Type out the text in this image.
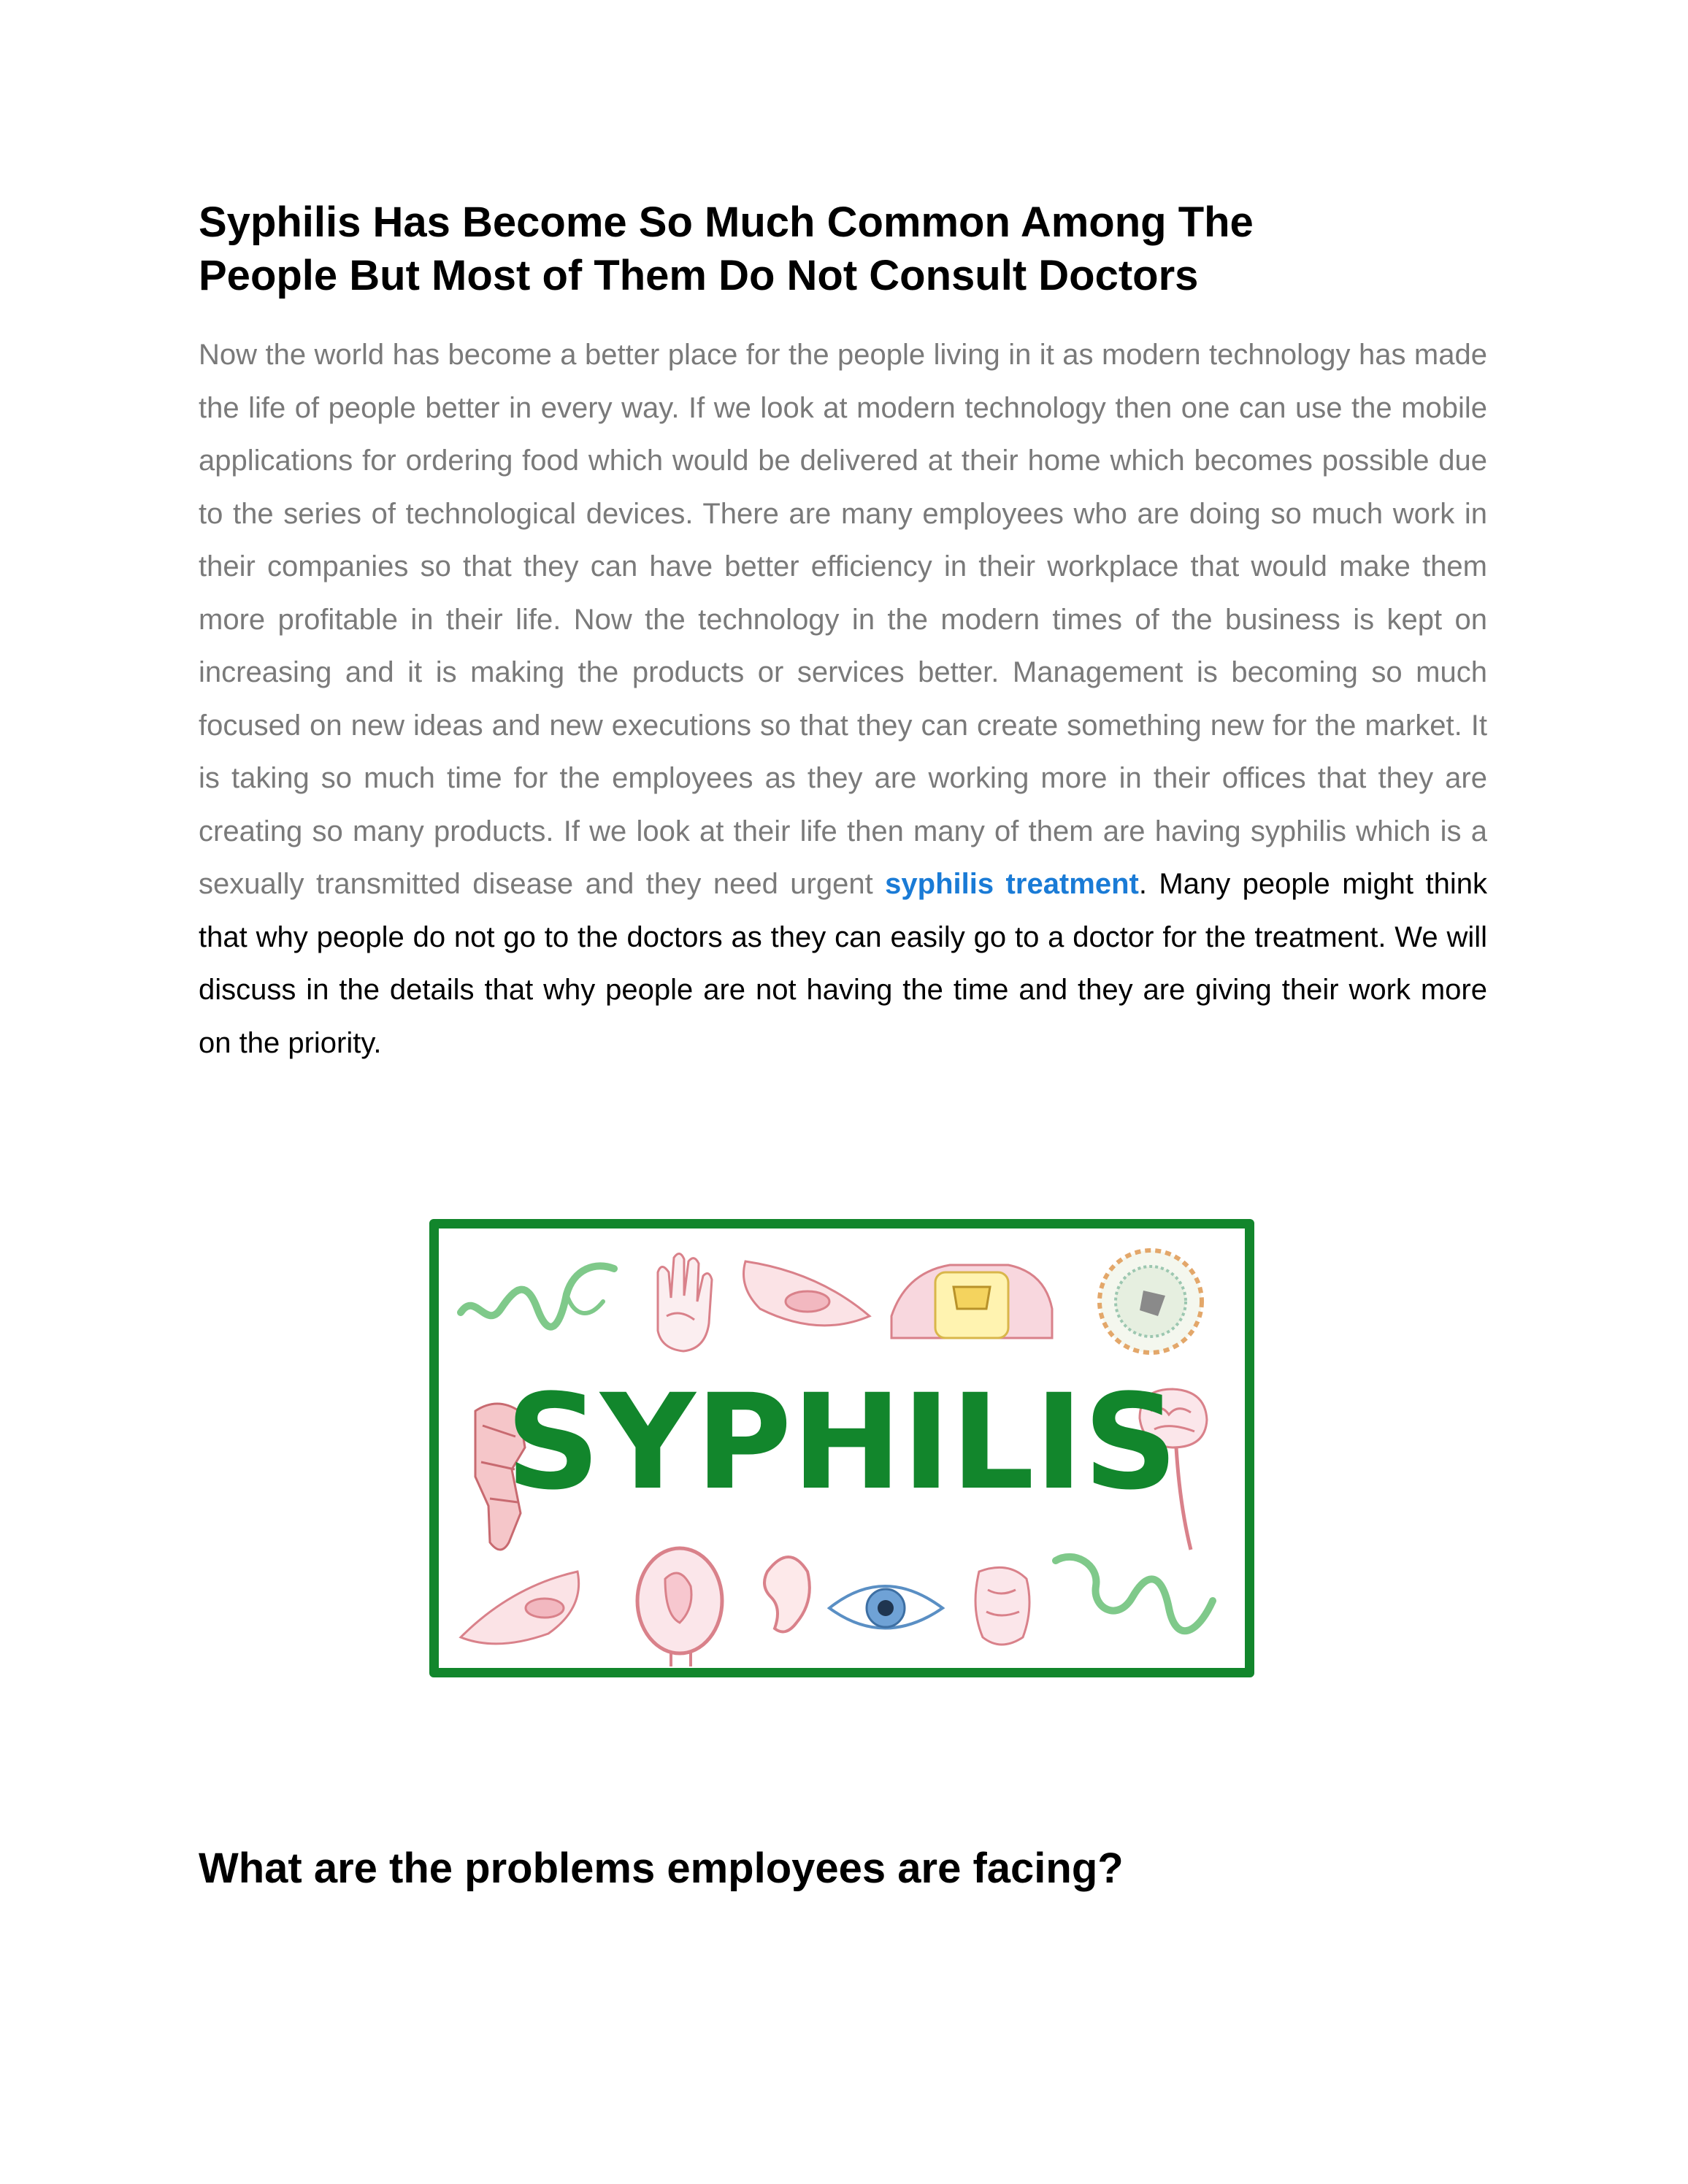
Syphilis Has Become So Much Common Among The
People But Most of Them Do Not Consult Doctors

Now the world has become a better place for the people living in it as modern technology has made the life of people better in every way. If we look at modern technology then one can use the mobile applications for ordering food which would be delivered at their home which becomes possible due to the series of technological devices. There are many employees who are doing so much work in their companies so that they can have better efficiency in their workplace that would make them more profitable in their life. Now the technology in the modern times of the business is kept on increasing and it is making the products or services better. Management is becoming so much focused on new ideas and new executions so that they can create something new for the market. It is taking so much time for the employees as they are working more in their offices that they are creating so many products. If we look at their life then many of them are having syphilis which is a sexually transmitted disease and they need urgent syphilis treatment. Many people might think that why people do not go to the doctors as they can easily go to a doctor for the treatment. We will discuss in the details that why people are not having the time and they are giving their work more on the priority.

SYPHILIS
What are the problems employees are facing?
